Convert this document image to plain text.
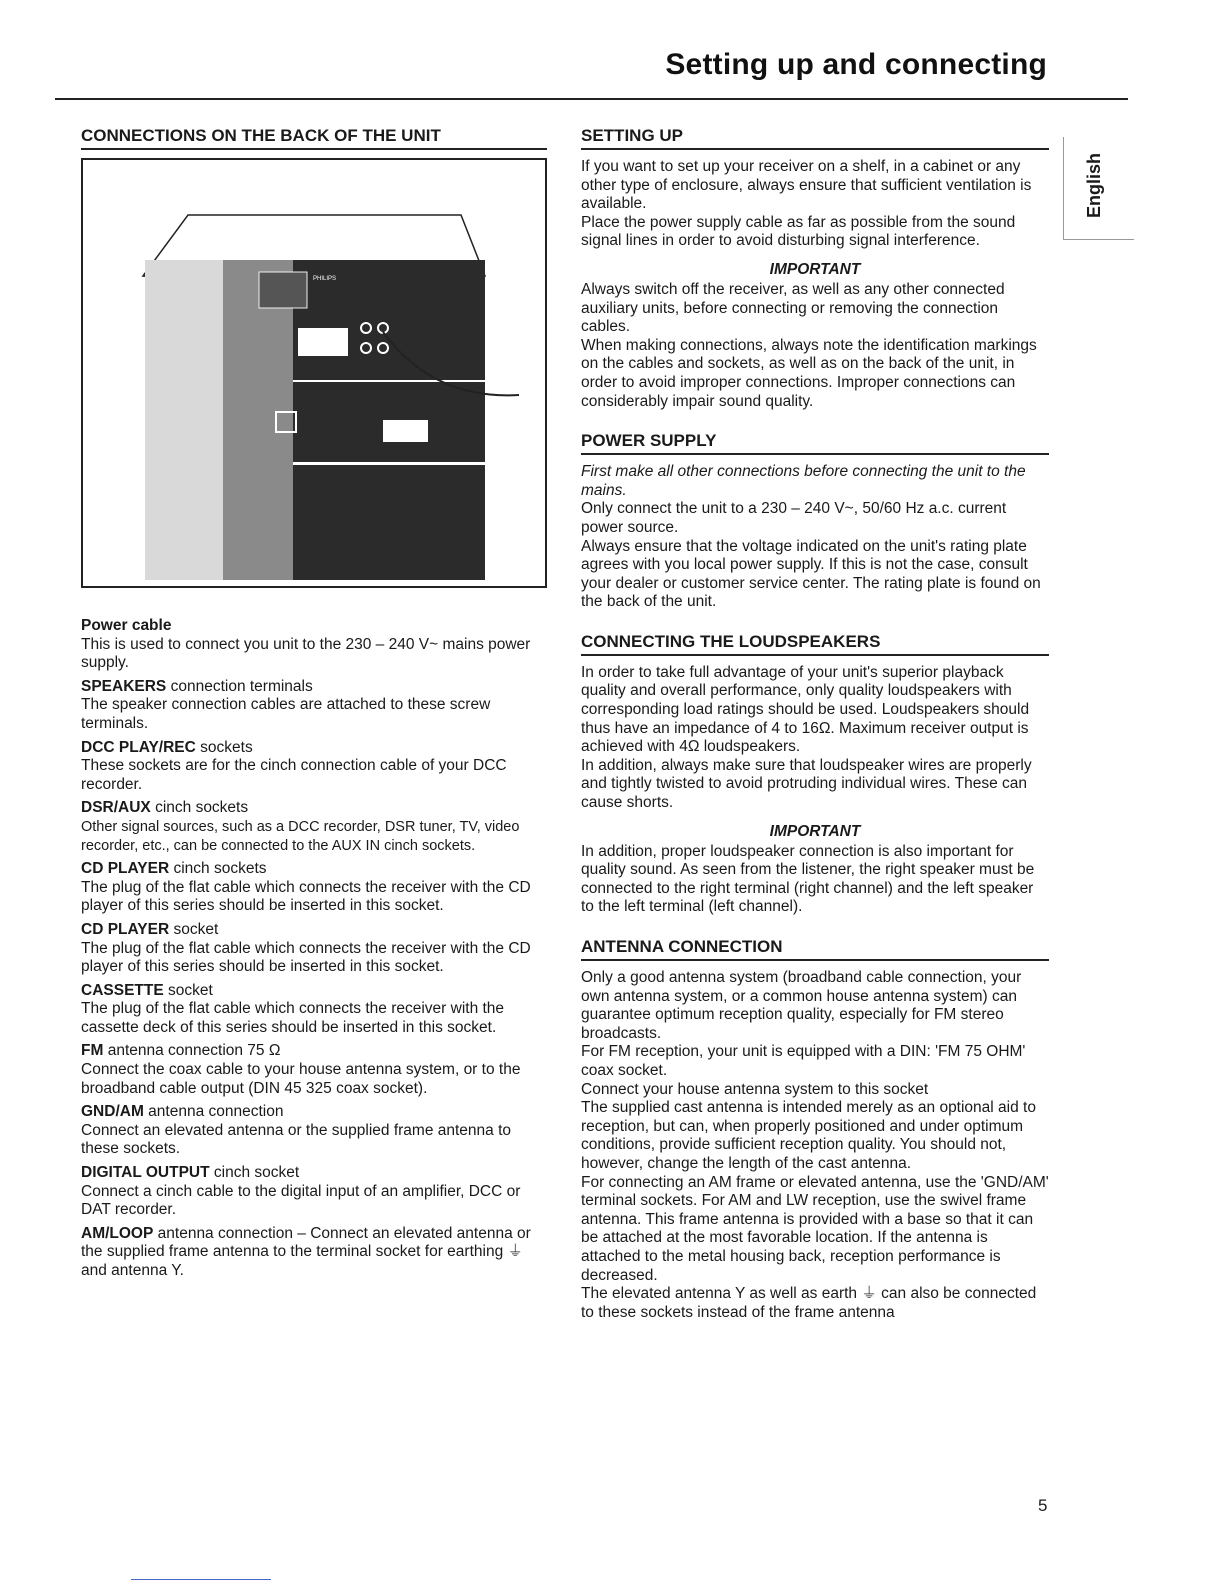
Setting up and connecting
English
CONNECTIONS ON THE BACK OF THE UNIT
PHILIPS
Power cable

This is used to connect you unit to the 230 – 240 V~ mains power supply.

SPEAKERS connection terminals

The speaker connection cables are attached to these screw terminals.

DCC PLAY/REC sockets

These sockets are for the cinch connection cable of your DCC recorder.

DSR/AUX cinch sockets

Other signal sources, such as a DCC recorder, DSR tuner, TV, video recorder, etc., can be connected to the AUX IN cinch sockets.

CD PLAYER cinch sockets

The plug of the flat cable which connects the receiver with the CD player of this series should be inserted in this socket.

CD PLAYER socket

The plug of the flat cable which connects the receiver with the CD player of this series should be inserted in this socket.

CASSETTE socket

The plug of the flat cable which connects the receiver with the cassette deck of this series should be inserted in this socket.

FM antenna connection 75 Ω

Connect the coax cable to your house antenna system, or to the broadband cable output (DIN 45 325 coax socket).

GND/AM antenna connection

Connect an elevated antenna or the supplied frame antenna to these sockets.

DIGITAL OUTPUT cinch socket

Connect a cinch cable to the digital input of an amplifier, DCC or DAT recorder.

AM/LOOP antenna connection – Connect an elevated antenna or the supplied frame antenna to the terminal socket for earthing ⏚ and antenna Y.
SETTING UP

If you want to set up your receiver on a shelf, in a cabinet or any other type of enclosure, always ensure that sufficient ventilation is available.

Place the power supply cable as far as possible from the sound signal lines in order to avoid disturbing signal interference.

IMPORTANT

Always switch off the receiver, as well as any other connected auxiliary units, before connecting or removing the connection cables.

When making connections, always note the identification markings on the cables and sockets, as well as on the back of the unit, in order to avoid improper connections. Improper connections can considerably impair sound quality.

POWER SUPPLY

First make all other connections before connecting the unit to the mains.

Only connect the unit to a 230 – 240 V~, 50/60 Hz a.c. current power source.

Always ensure that the voltage indicated on the unit's rating plate agrees with you local power supply. If this is not the case, consult your dealer or customer service center. The rating plate is found on the back of the unit.

CONNECTING THE LOUDSPEAKERS

In order to take full advantage of your unit's superior playback quality and overall performance, only quality loudspeakers with corresponding load ratings should be used. Loudspeakers should thus have an impedance of 4 to 16Ω. Maximum receiver output is achieved with 4Ω loudspeakers.

In addition, always make sure that loudspeaker wires are properly and tightly twisted to avoid protruding individual wires. These can cause shorts.

IMPORTANT

In addition, proper loudspeaker connection is also important for quality sound. As seen from the listener, the right speaker must be connected to the right terminal (right channel) and the left speaker to the left terminal (left channel).

ANTENNA CONNECTION

Only a good antenna system (broadband cable connection, your own antenna system, or a common house antenna system) can guarantee optimum reception quality, especially for FM stereo broadcasts.

For FM reception, your unit is equipped with a DIN: 'FM 75 OHM' coax socket.

Connect your house antenna system to this socket

The supplied cast antenna is intended merely as an optional aid to reception, but can, when properly positioned and under optimum conditions, provide sufficient reception quality. You should not, however, change the length of the cast antenna.

For connecting an AM frame or elevated antenna, use the 'GND/AM' terminal sockets. For AM and LW reception, use the swivel frame antenna. This frame antenna is provided with a base so that it can be attached at the most favorable location. If the antenna is attached to the metal housing back, reception performance is decreased.

The elevated antenna Y as well as earth ⏚ can also be connected to these sockets instead of the frame antenna

5
